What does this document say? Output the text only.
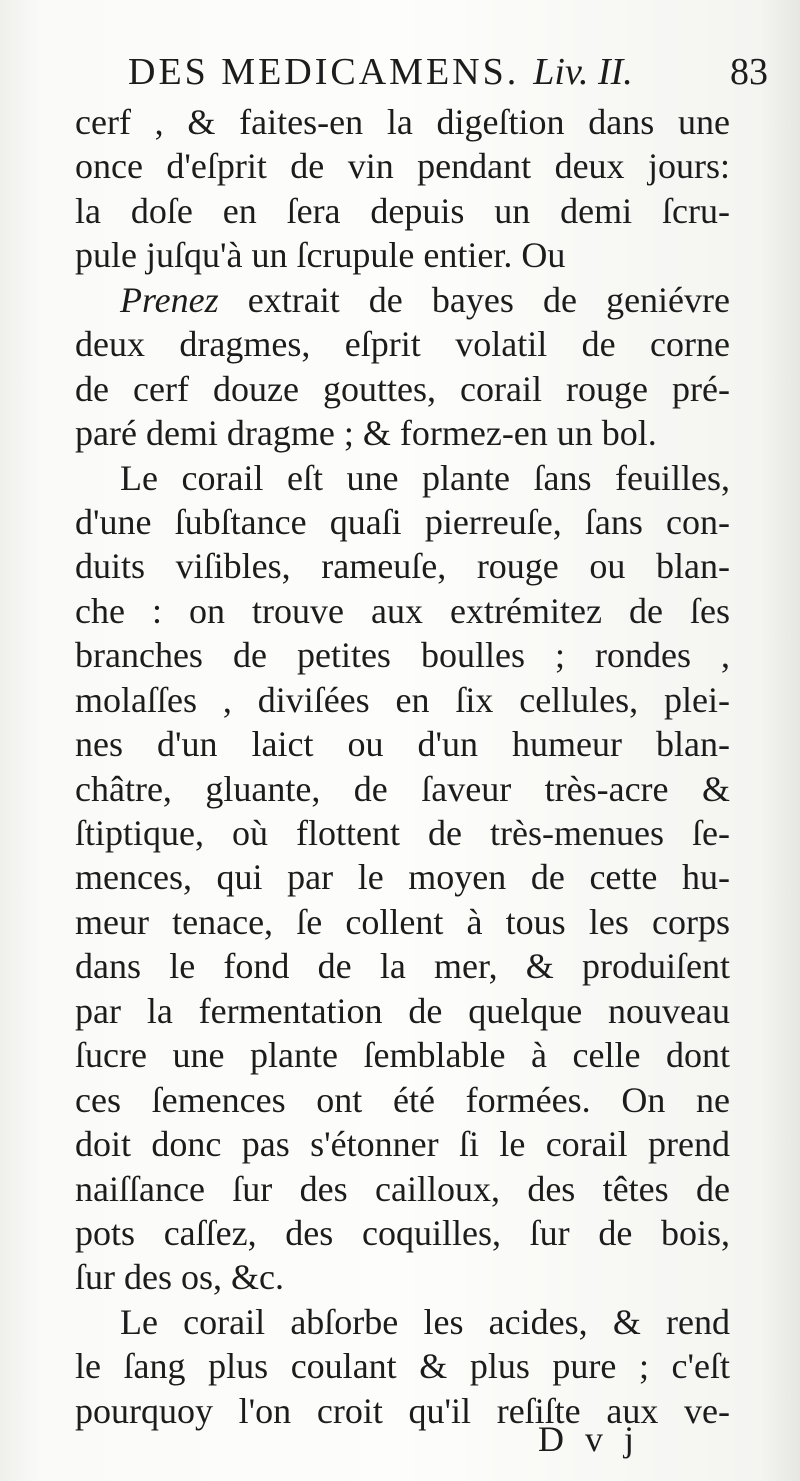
DES MEDICAMENS. Liv. II.	83
cerf , & faites-en la digeſtion dans une
once d'eſprit de vin pendant deux jours:
la doſe en ſera depuis un demi ſcru-
pule juſqu'à un ſcrupule entier. Ou
Prenez extrait de bayes de geniévre
deux dragmes, eſprit volatil de corne
de cerf douze gouttes, corail rouge pré-
paré demi dragme ; & formez-en un bol.
Le corail eſt une plante ſans feuilles,
d'une ſubſtance quaſi pierreuſe, ſans con-
duits viſibles, rameuſe, rouge ou blan-
che : on trouve aux extrémitez de ſes
branches de petites boulles ; rondes ,
molaſſes , diviſées en ſix cellules, plei-
nes d'un laict ou d'un humeur blan-
châtre, gluante, de ſaveur très-acre &
ſtiptique, où flottent de très-menues ſe-
mences, qui par le moyen de cette hu-
meur tenace, ſe collent à tous les corps
dans le fond de la mer, & produiſent
par la fermentation de quelque nouveau
ſucre une plante ſemblable à celle dont
ces ſemences ont été formées. On ne
doit donc pas s'étonner ſi le corail prend
naiſſance ſur des cailloux, des têtes de
pots caſſez, des coquilles, ſur de bois,
ſur des os, &c.
Le corail abſorbe les acides, & rend
le ſang plus coulant & plus pure ; c'eſt
pourquoy l'on croit qu'il reſiſte aux ve-
D v j
